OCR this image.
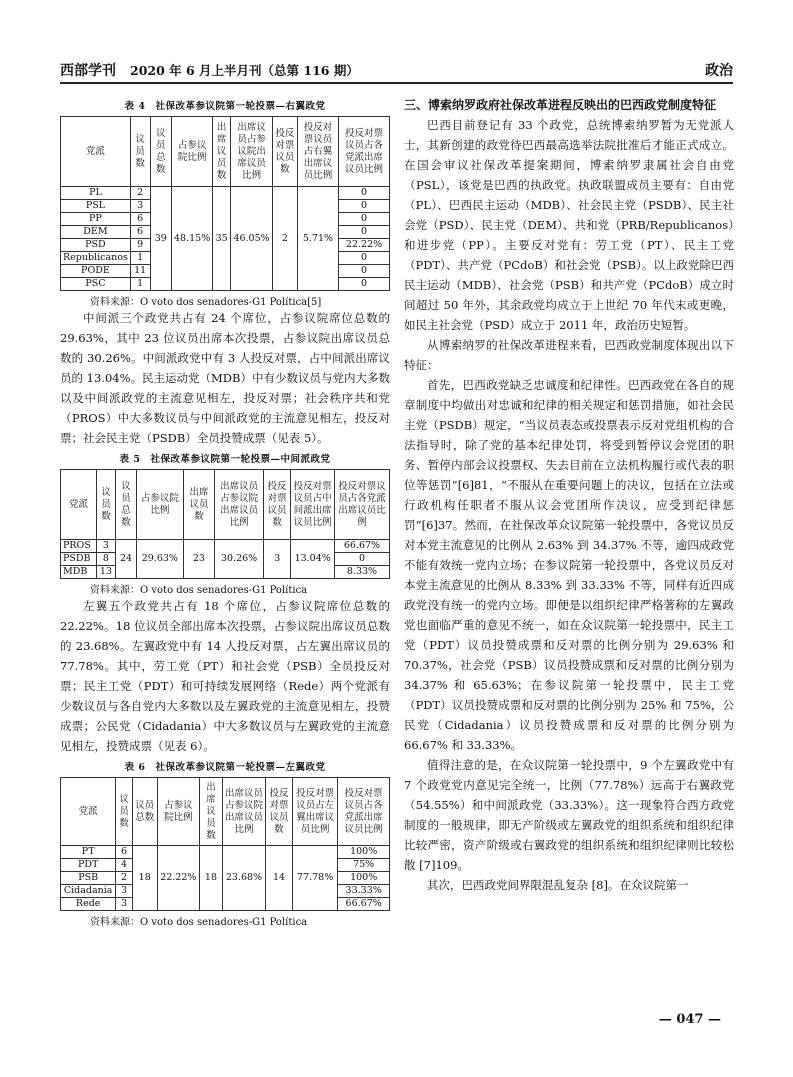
西部学刊 2020 年 6 月上半月刊（总第 116 期）	政治
表 4　社保改革参议院第一轮投票—右翼政党
党派	议员数	议员总数	占参议院比例	出席议员数	出席议员占参议院出席议员比例	投反对票议员数	投反对票议员占右翼出席议员比例	投反对票议员占各党派出席议员比例
PL	2	39	48.15%	35	46.05%	2	5.71%	0
PSL	3							0
PP	6							0
DEM	6							0
PSD	9							22.22%
Republicanos	1							0
PODE	11							0
PSC	1							0
资料来源：O voto dos senadores-G1 Política[5]

中间派三个政党共占有 24 个席位，占参议院席位总数的 29.63%，其中 23 位议员出席本次投票，占参议院出席议员总数的 30.26%。中间派政党中有 3 人投反对票，占中间派出席议员的 13.04%。民主运动党（MDB）中有少数议员与党内大多数以及中间派政党的主流意见相左，投反对票；社会秩序共和党（PROS）中大多数议员与中间派政党的主流意见相左，投反对票；社会民主党（PSDB）全员投赞成票（见表 5）。

表 5　社保改革参议院第一轮投票—中间派政党
党派	议员数	议员总数	占参议院比例	出席议员数	出席议员占参议院出席议员比例	投反对票议员数	投反对票议员占中间派出席议员比例	投反对票议员占各党派出席议员比例
PROS	3	24	29.63%	23	30.26%	3	13.04%	66.67%
PSDB	8							0
MDB	13							8.33%
资料来源：O voto dos senadores-G1 Política

左翼五个政党共占有 18 个席位，占参议院席位总数的 22.22%。18 位议员全部出席本次投票，占参议院出席议员总数的 23.68%。左翼政党中有 14 人投反对票，占左翼出席议员的 77.78%。其中，劳工党（PT）和社会党（PSB）全员投反对票；民主工党（PDT）和可持续发展网络（Rede）两个党派有少数议员与各自党内大多数以及左翼政党的主流意见相左，投赞成票；公民党（Cidadania）中大多数议员与左翼政党的主流意见相左，投赞成票（见表 6）。

表 6　社保改革参议院第一轮投票—左翼政党
党派	议员数	议员总数	占参议院比例	出席议员数	出席议员占参议院出席议员比例	投反对票议员数	投反对票议员占左翼出席议员比例	投反对票议员占各党派出席议员比例
PT	6	18	22.22%	18	23.68%	14	77.78%	100%
PDT	4							75%
PSB	2							100%
Cidadania	3							33.33%
Rede	3							66.67%
资料来源：O voto dos senadores-G1 Política
三、博索纳罗政府社保改革进程反映出的巴西政党制度特征

巴西目前登记有 33 个政党，总统博索纳罗暂为无党派人士，其新创建的政党待巴西最高选举法院批准后才能正式成立。在国会审议社保改革提案期间，博索纳罗隶属社会自由党（PSL），该党是巴西的执政党。执政联盟成员主要有：自由党（PL）、巴西民主运动（MDB）、社会民主党（PSDB）、民主社会党（PSD）、民主党（DEM）、共和党（PRB/Republicanos）和进步党（PP）。主要反对党有：劳工党（PT）、民主工党（PDT）、共产党（PCdoB）和社会党（PSB）。以上政党除巴西民主运动（MDB）、社会党（PSB）和共产党（PCdoB）成立时间超过 50 年外，其余政党均成立于上世纪 70 年代末或更晚，如民主社会党（PSD）成立于 2011 年，政治历史短暂。

从博索纳罗的社保改革进程来看，巴西政党制度体现出以下特征：

首先，巴西政党缺乏忠诚度和纪律性。巴西政党在各自的规章制度中均做出对忠诚和纪律的相关规定和惩罚措施，如社会民主党（PSDB）规定，“当议员表态或投票表示反对党组机构的合法指导时，除了党的基本纪律处罚，将受到暂停议会党团的职务、暂停内部会议投票权、失去目前在立法机构履行或代表的职位等惩罚”[6]81，“不服从在重要问题上的决议，包括在立法或行政机构任职者不服从议会党团所作决议，应受到纪律惩罚”[6]37。然而，在社保改革众议院第一轮投票中，各党议员反对本党主流意见的比例从 2.63% 到 34.37% 不等，逾四成政党不能有效统一党内立场；在参议院第一轮投票中，各党议员反对本党主流意见的比例从 8.33% 到 33.33% 不等，同样有近四成政党没有统一的党内立场。即便是以组织纪律严格著称的左翼政党也面临严重的意见不统一，如在众议院第一轮投票中，民主工党（PDT）议员投赞成票和反对票的比例分别为 29.63% 和 70.37%，社会党（PSB）议员投赞成票和反对票的比例分别为 34.37% 和 65.63%；在参议院第一轮投票中，民主工党（PDT）议员投赞成票和反对票的比例分别为 25% 和 75%，公民党（Cidadania）议员投赞成票和反对票的比例分别为 66.67% 和 33.33%。

值得注意的是，在众议院第一轮投票中，9 个左翼政党中有 7 个政党党内意见完全统一，比例（77.78%）远高于右翼政党（54.55%）和中间派政党（33.33%）。这一现象符合西方政党制度的一般规律，即无产阶级或左翼政党的组织系统和组织纪律比较严密，资产阶级或右翼政党的组织系统和组织纪律则比较松散 [7]109。

其次，巴西政党间界限混乱复杂 [8]。在众议院第一

— 047 —
